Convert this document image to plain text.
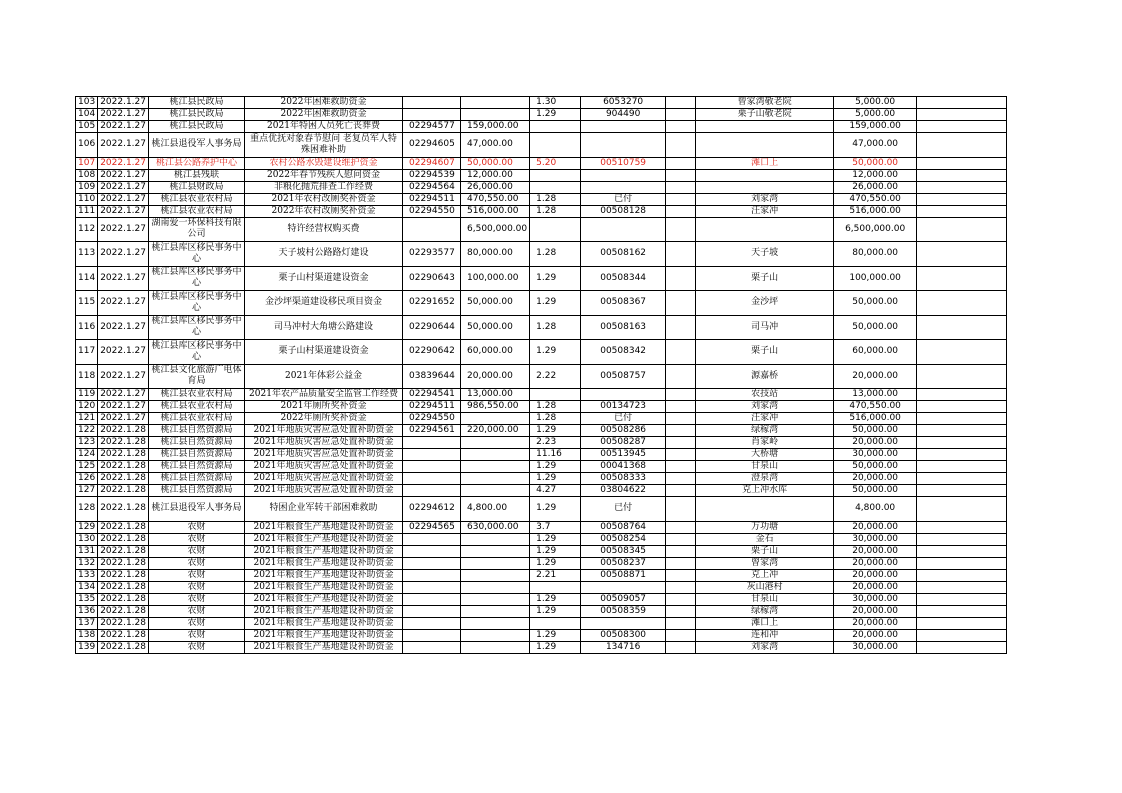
103	2022.1.27	桃江县民政局	2022年困难救助资金			1.30	6053270		曾家湾敬老院	5,000.00	
104	2022.1.27	桃江县民政局	2022年困难救助资金			1.29	904490		栗子山敬老院	5,000.00	
105	2022.1.27	桃江县民政局	2021年特困人员死亡丧葬费	02294577	159,000.00					159,000.00	
106	2022.1.27	桃江县退役军人事务局	重点优抚对象春节慰问 老复员军人特殊困难补助	02294605	47,000.00					47,000.00	
107	2022.1.27	桃江县公路养护中心	农村公路水毁建设维护资金	02294607	50,000.00	5.20	00510759		滩口上	50,000.00	
108	2022.1.27	桃江县残联	2022年春节残疾人慰问资金	02294539	12,000.00					12,000.00	
109	2022.1.27	桃江县财政局	非粮化抛荒排查工作经费	02294564	26,000.00					26,000.00	
110	2022.1.27	桃江县农业农村局	2021年农村改厕奖补资金	02294511	470,550.00	1.28	已付		刘家湾	470,550.00	
111	2022.1.27	桃江县农业农村局	2022年农村改厕奖补资金	02294550	516,000.00	1.28	00508128		汪家冲	516,000.00	
112	2022.1.27	湖南爱一环保科技有限公司	特许经营权购买费		6,500,000.00					6,500,000.00	
113	2022.1.27	桃江县库区移民事务中心	天子坡村公路路灯建设	02293577	80,000.00	1.28	00508162		天子坡	80,000.00	
114	2022.1.27	桃江县库区移民事务中心	栗子山村渠道建设资金	02290643	100,000.00	1.29	00508344		栗子山	100,000.00	
115	2022.1.27	桃江县库区移民事务中心	金沙坪渠道建设移民项目资金	02291652	50,000.00	1.29	00508367		金沙坪	50,000.00	
116	2022.1.27	桃江县库区移民事务中心	司马冲村大角塘公路建设	02290644	50,000.00	1.28	00508163		司马冲	50,000.00	
117	2022.1.27	桃江县库区移民事务中心	栗子山村渠道建设资金	02290642	60,000.00	1.29	00508342		栗子山	60,000.00	
118	2022.1.27	桃江县文化旅游广电体育局	2021年体彩公益金	03839644	20,000.00	2.22	00508757		源嘉桥	20,000.00	
119	2022.1.27	桃江县农业农村局	2021年农产品质量安全监管工作经费	02294541	13,000.00				农技站	13,000.00	
120	2022.1.27	桃江县农业农村局	2021年厕所奖补资金	02294511	986,550.00	1.28	00134723		刘家湾	470,550.00	
121	2022.1.27	桃江县农业农村局	2022年厕所奖补资金	02294550		1.28	已付		汪家冲	516,000.00	
122	2022.1.28	桃江县自然资源局	2021年地质灾害应急处置补助资金	02294561	220,000.00	1.29	00508286		绿稼湾	50,000.00	
123	2022.1.28	桃江县自然资源局	2021年地质灾害应急处置补助资金			2.23	00508287		肖家岭	20,000.00	
124	2022.1.28	桃江县自然资源局	2021年地质灾害应急处置补助资金			11.16	00513945		大桥塘	30,000.00	
125	2022.1.28	桃江县自然资源局	2021年地质灾害应急处置补助资金			1.29	00041368		甘泉山	50,000.00	
126	2022.1.28	桃江县自然资源局	2021年地质灾害应急处置补助资金			1.29	00508333		澄泉湾	20,000.00	
127	2022.1.28	桃江县自然资源局	2021年地质灾害应急处置补助资金			4.27	03804622		克上冲水库	50,000.00	
128	2022.1.28	桃江县退役军人事务局	特困企业军转干部困难救助	02294612	4,800.00	1.29	已付			4,800.00	
129	2022.1.28	农财	2021年粮食生产基地建设补助资金	02294565	630,000.00	3.7	00508764		万功塘	20,000.00	
130	2022.1.28	农财	2021年粮食生产基地建设补助资金			1.29	00508254		金石	30,000.00	
131	2022.1.28	农财	2021年粮食生产基地建设补助资金			1.29	00508345		栗子山	20,000.00	
132	2022.1.28	农财	2021年粮食生产基地建设补助资金			1.29	00508237		曾家湾	20,000.00	
133	2022.1.28	农财	2021年粮食生产基地建设补助资金			2.21	00508871		克上冲	20,000.00	
134	2022.1.28	农财	2021年粮食生产基地建设补助资金						灰山港村	20,000.00	
135	2022.1.28	农财	2021年粮食生产基地建设补助资金			1.29	00509057		甘泉山	30,000.00	
136	2022.1.28	农财	2021年粮食生产基地建设补助资金			1.29	00508359		绿稼湾	20,000.00	
137	2022.1.28	农财	2021年粮食生产基地建设补助资金						滩口上	20,000.00	
138	2022.1.28	农财	2021年粮食生产基地建设补助资金			1.29	00508300		连和冲	20,000.00	
139	2022.1.28	农财	2021年粮食生产基地建设补助资金			1.29	134716		刘家湾	30,000.00	
